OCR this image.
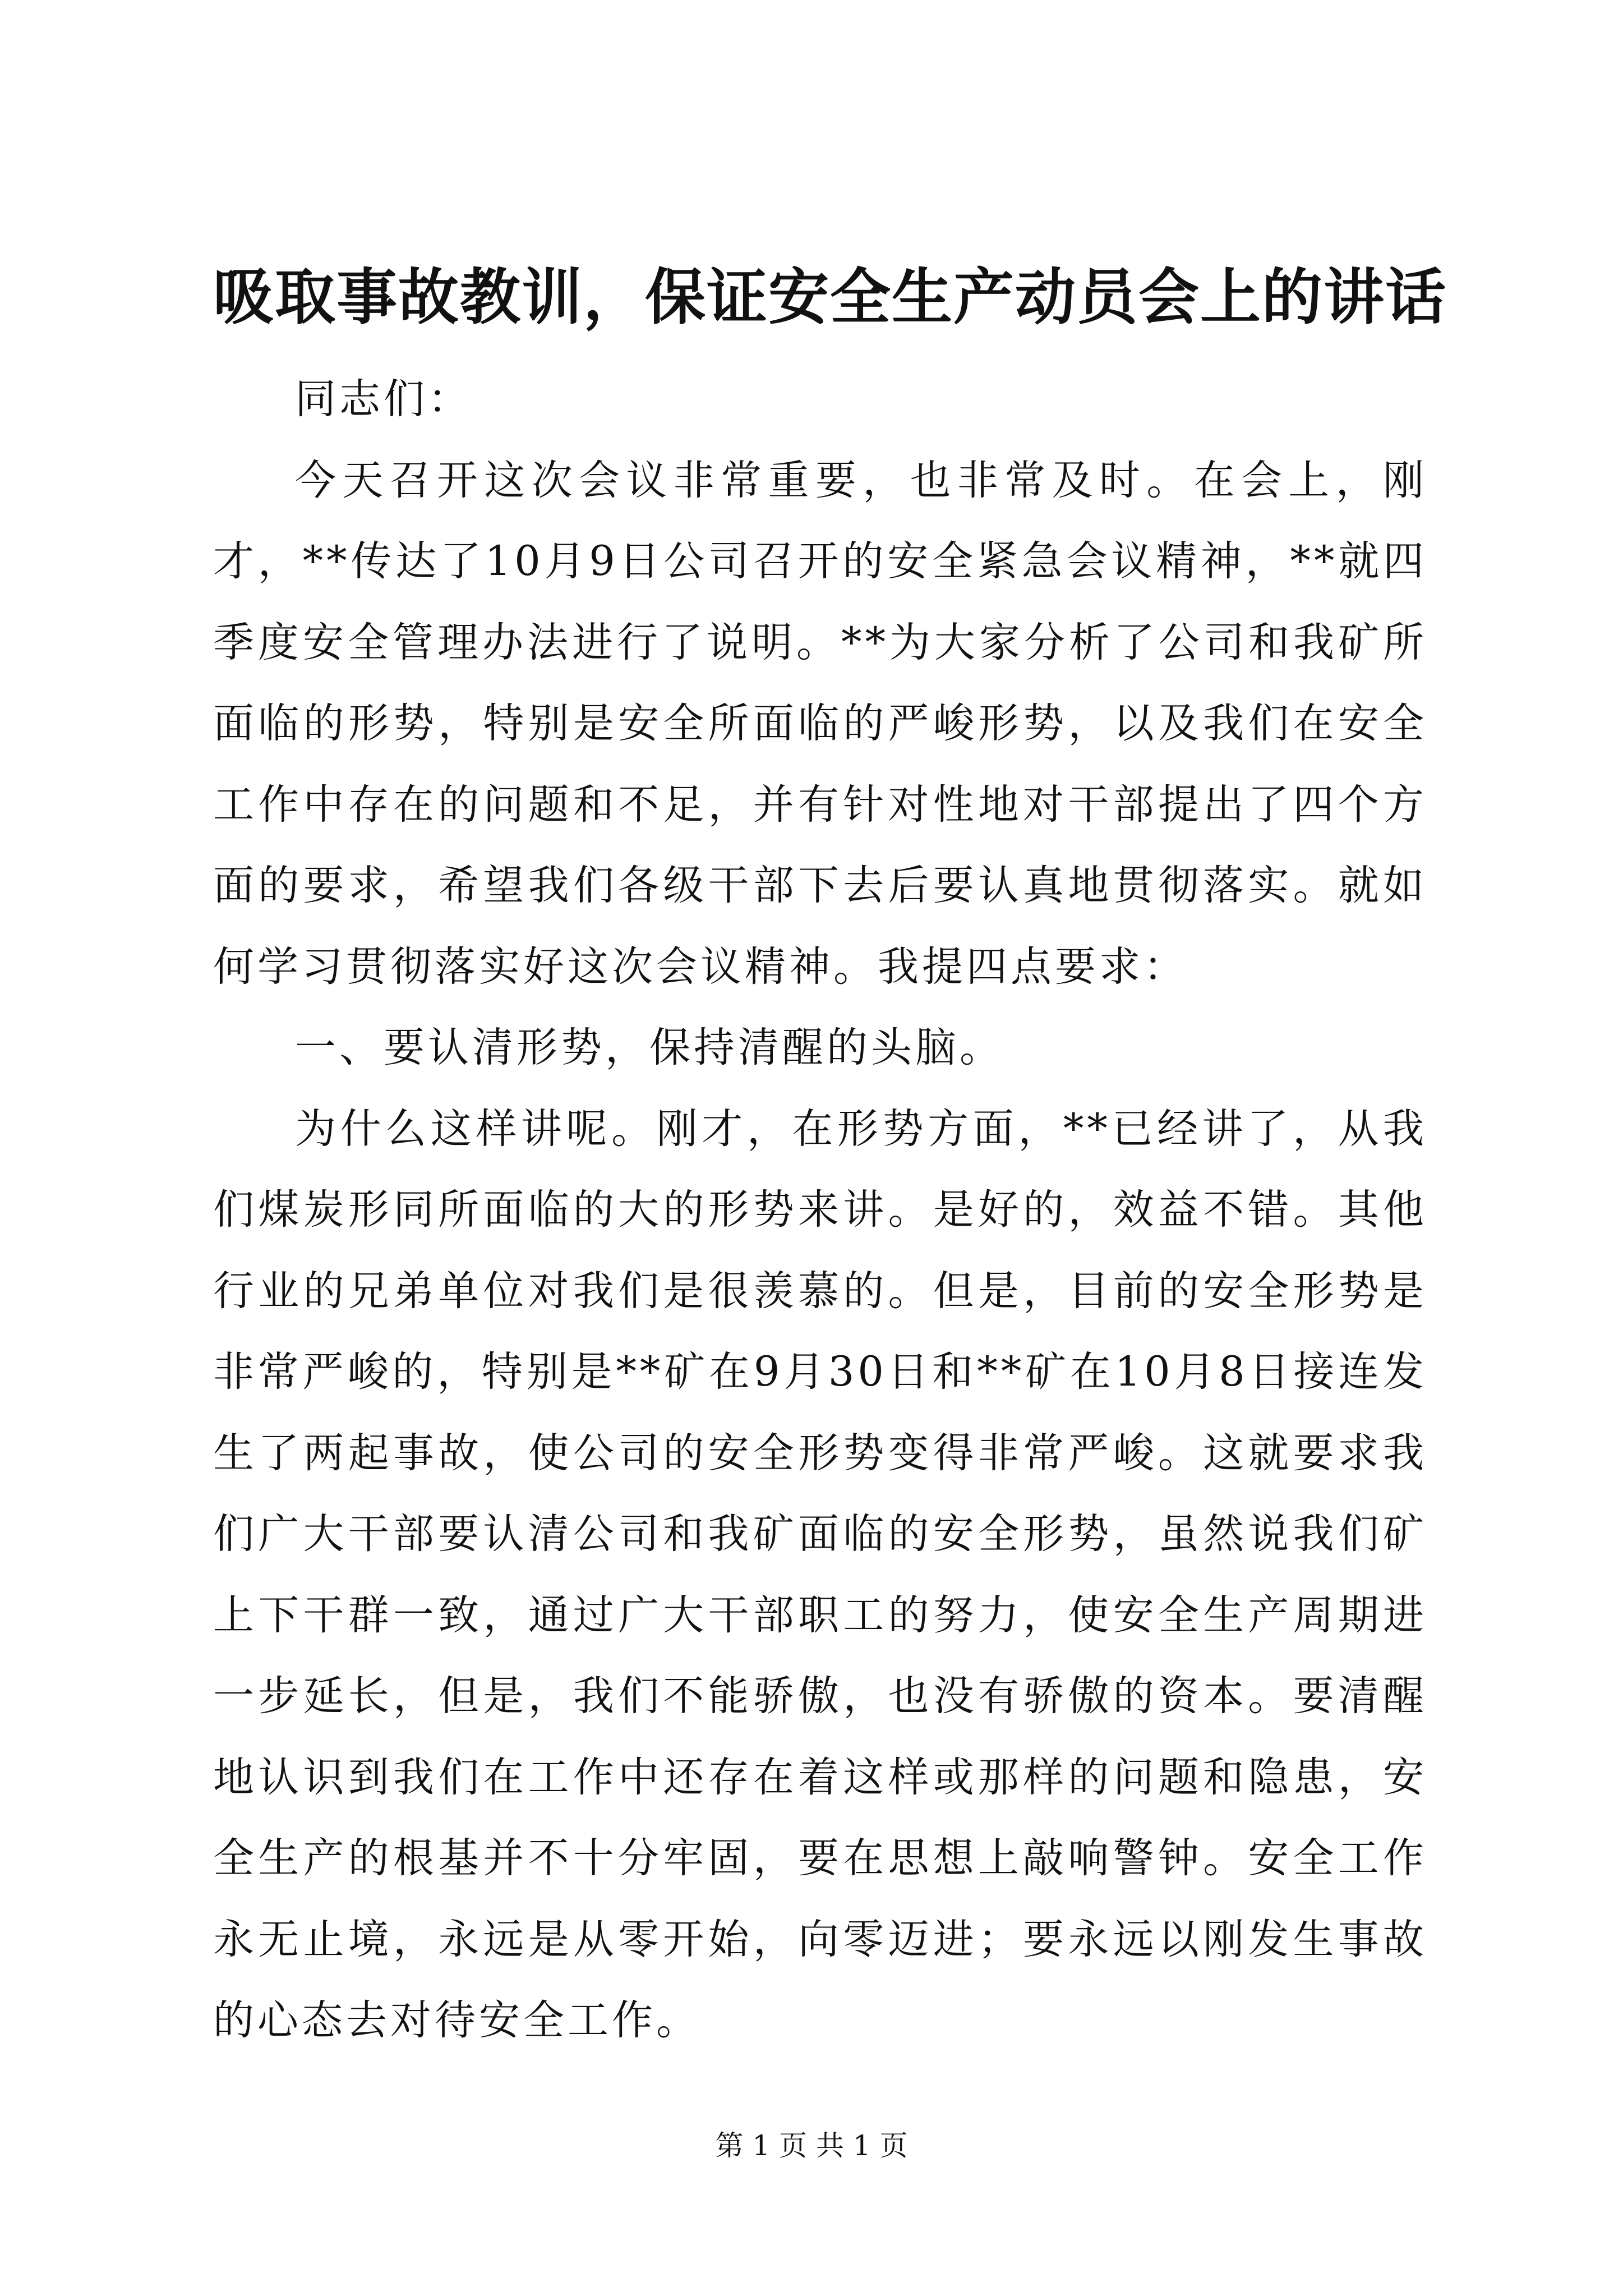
吸取事故教训，保证安全生产动员会上的讲话

同志们：

今天召开这次会议非常重要，也非常及时。在会上，刚才，**传达了10月9日公司召开的安全紧急会议精神，**就四季度安全管理办法进行了说明。**为大家分析了公司和我矿所面临的形势，特别是安全所面临的严峻形势，以及我们在安全工作中存在的问题和不足，并有针对性地对干部提出了四个方面的要求，希望我们各级干部下去后要认真地贯彻落实。就如何学习贯彻落实好这次会议精神。我提四点要求：

一、要认清形势，保持清醒的头脑。

为什么这样讲呢。刚才，在形势方面，**已经讲了，从我们煤炭形同所面临的大的形势来讲。是好的，效益不错。其他行业的兄弟单位对我们是很羡慕的。但是，目前的安全形势是非常严峻的，特别是**矿在9月30日和**矿在10月8日接连发生了两起事故，使公司的安全形势变得非常严峻。这就要求我们广大干部要认清公司和我矿面临的安全形势，虽然说我们矿上下干群一致，通过广大干部职工的努力，使安全生产周期进一步延长，但是，我们不能骄傲，也没有骄傲的资本。要清醒地认识到我们在工作中还存在着这样或那样的问题和隐患，安全生产的根基并不十分牢固，要在思想上敲响警钟。安全工作永无止境，永远是从零开始，向零迈进；要永远以刚发生事故的心态去对待安全工作。

第 1 页 共 1 页
